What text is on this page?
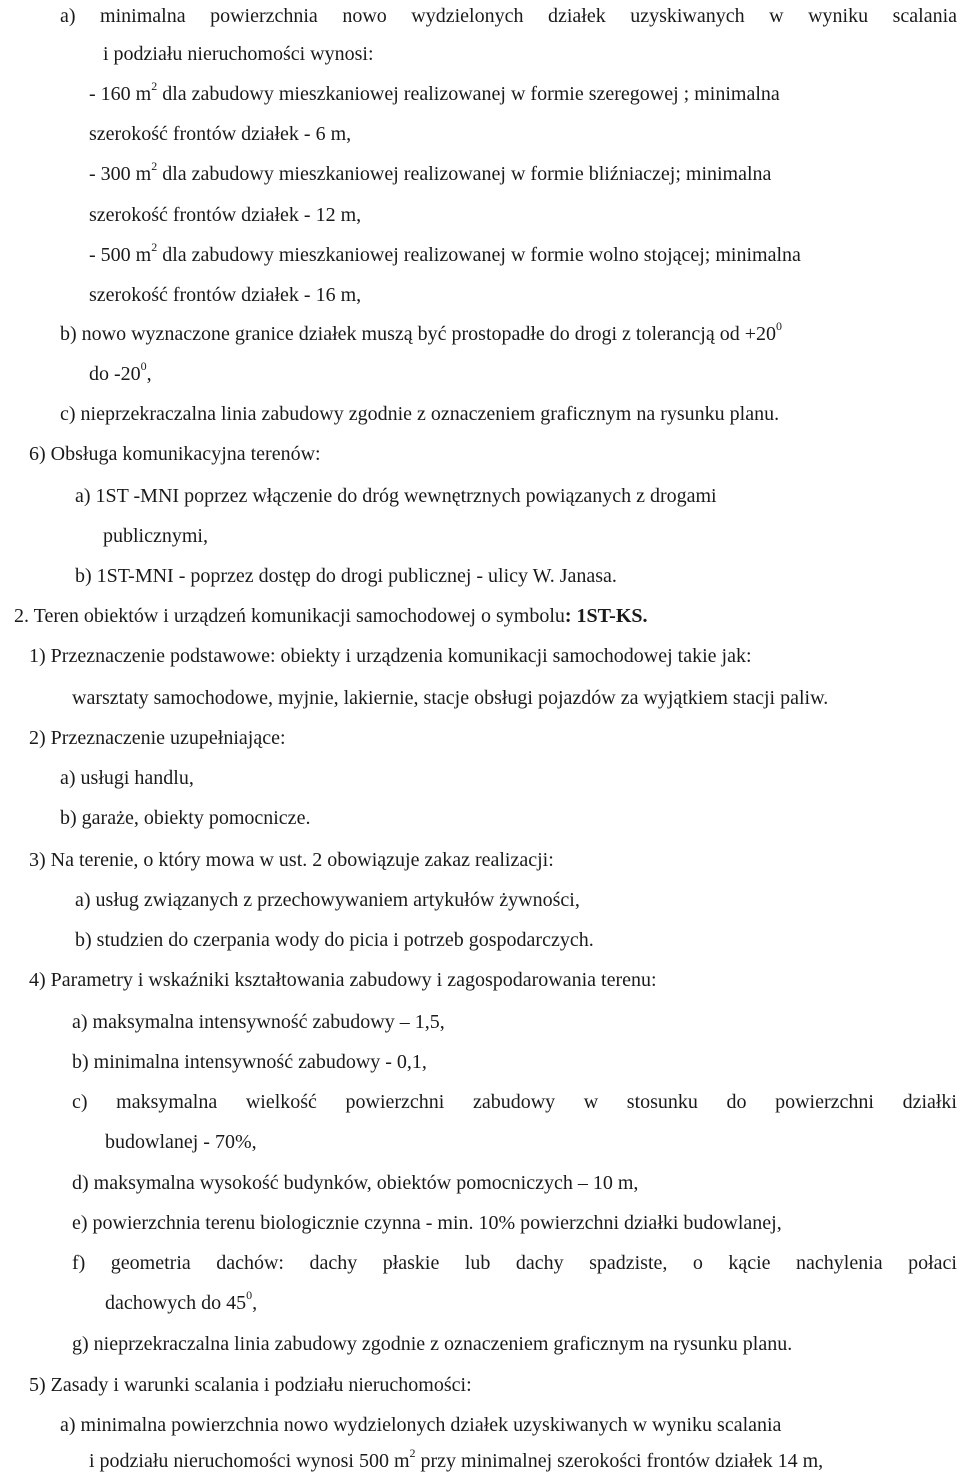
a) minimalna powierzchnia nowo wydzielonych działek uzyskiwanych w wyniku scalania
i podziału nieruchomości wynosi:
- 160 $m^2$ dla zabudowy mieszkaniowej realizowanej w formie szeregowej ; minimalna
szerokość frontów działek - 6 m,
- 300 $m^2$ dla zabudowy mieszkaniowej realizowanej w formie bliźniaczej; minimalna
szerokość frontów działek - 12 m,
- 500 $m^2$ dla zabudowy mieszkaniowej realizowanej w formie wolno stojącej; minimalna
szerokość frontów działek - 16 m,
b) nowo wyznaczone granice działek muszą być prostopadłe do drogi z tolerancją od $+20^0$
do $-20^0$,
c) nieprzekraczalna linia zabudowy zgodnie z oznaczeniem graficznym na rysunku planu.
6) Obsługa komunikacyjna terenów:
a) 1ST -MNI poprzez włączenie do dróg wewnętrznych powiązanych z drogami
publicznymi,
b) 1ST-MNI - poprzez dostęp do drogi publicznej - ulicy W. Janasa.
2. Teren obiektów i urządzeń komunikacji samochodowej o symbolu: 1ST-KS.
1) Przeznaczenie podstawowe: obiekty i urządzenia komunikacji samochodowej takie jak:
warsztaty samochodowe, myjnie, lakiernie, stacje obsługi pojazdów za wyjątkiem stacji paliw.
2) Przeznaczenie uzupełniające:
a) usługi handlu,
b) garaże, obiekty pomocnicze.
3) Na terenie, o który mowa w ust. 2 obowiązuje zakaz realizacji:
a) usług związanych z przechowywaniem artykułów żywności,
b) studzien do czerpania wody do picia i potrzeb gospodarczych.
4) Parametry i wskaźniki kształtowania zabudowy i zagospodarowania terenu:
a) maksymalna intensywność zabudowy – 1,5,
b) minimalna intensywność zabudowy - 0,1,
c) maksymalna wielkość powierzchni zabudowy w stosunku do powierzchni działki
budowlanej - 70%,
d) maksymalna wysokość budynków, obiektów pomocniczych – 10 m,
e) powierzchnia terenu biologicznie czynna - min. 10% powierzchni działki budowlanej,
f) geometria dachów: dachy płaskie lub dachy spadziste, o kącie nachylenia połaci
dachowych do $45^0$,
g) nieprzekraczalna linia zabudowy zgodnie z oznaczeniem graficznym na rysunku planu.
5) Zasady i warunki scalania i podziału nieruchomości:
a) minimalna powierzchnia nowo wydzielonych działek uzyskiwanych w wyniku scalania
i podziału nieruchomości wynosi 500 $m^2$ przy minimalnej szerokości frontów działek 14 m,
